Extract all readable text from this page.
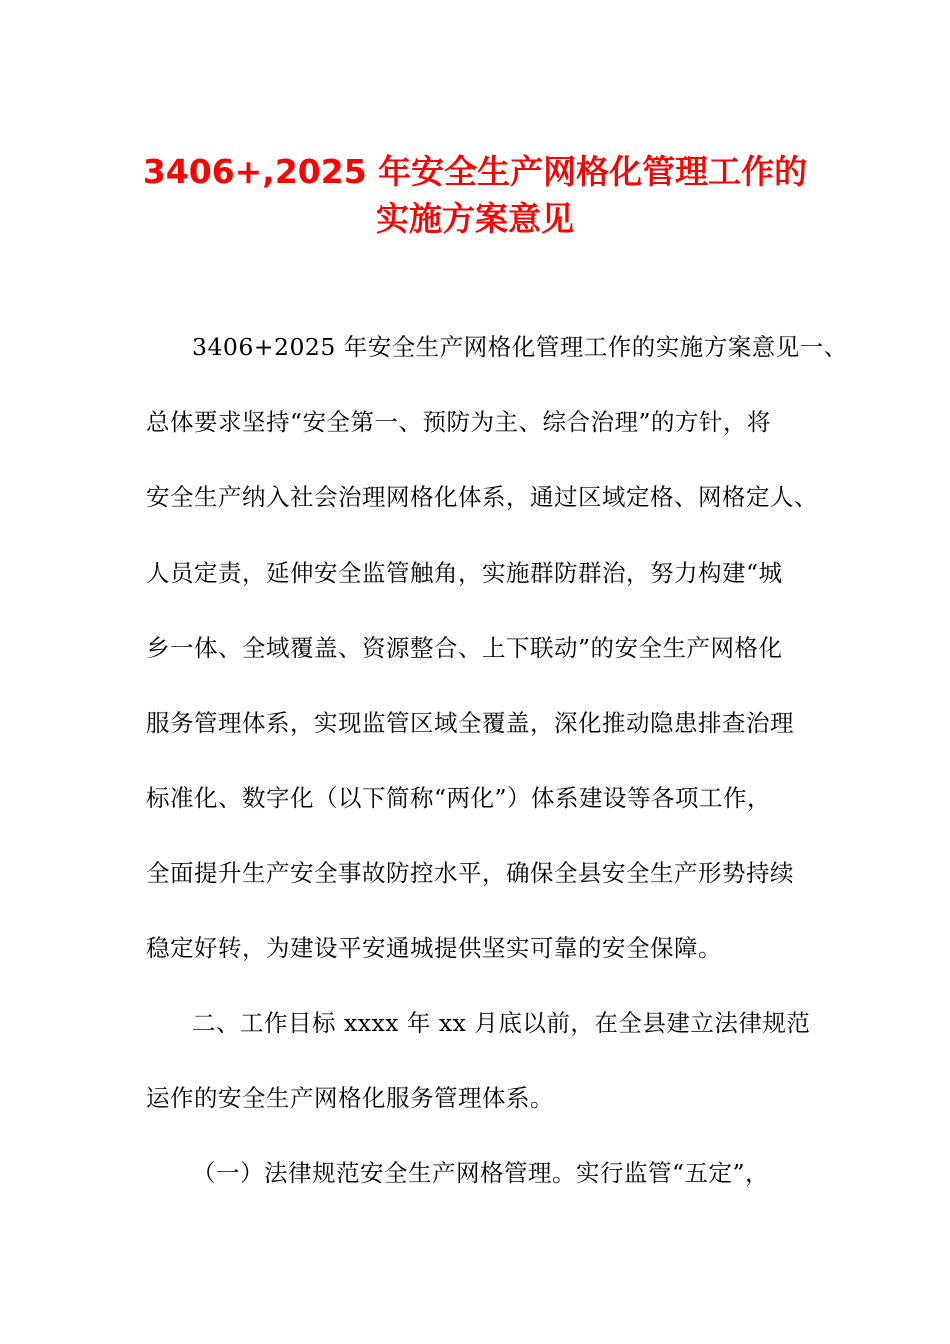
3406+,2025 年安全生产网格化管理工作的
实施方案意见
3406+2025 年安全生产网格化管理工作的实施方案意见一、
总体要求坚持“安全第一、预防为主、综合治理”的方针，将
安全生产纳入社会治理网格化体系，通过区域定格、网格定人、
人员定责，延伸安全监管触角，实施群防群治，努力构建“城
乡一体、全域覆盖、资源整合、上下联动”的安全生产网格化
服务管理体系，实现监管区域全覆盖，深化推动隐患排查治理
标准化、数字化（以下简称“两化”）体系建设等各项工作，
全面提升生产安全事故防控水平，确保全县安全生产形势持续
稳定好转，为建设平安通城提供坚实可靠的安全保障。
二、工作目标 xxxx 年 xx 月底以前，在全县建立法律规范
运作的安全生产网格化服务管理体系。
（一）法律规范安全生产网格管理。实行监管“五定”，
